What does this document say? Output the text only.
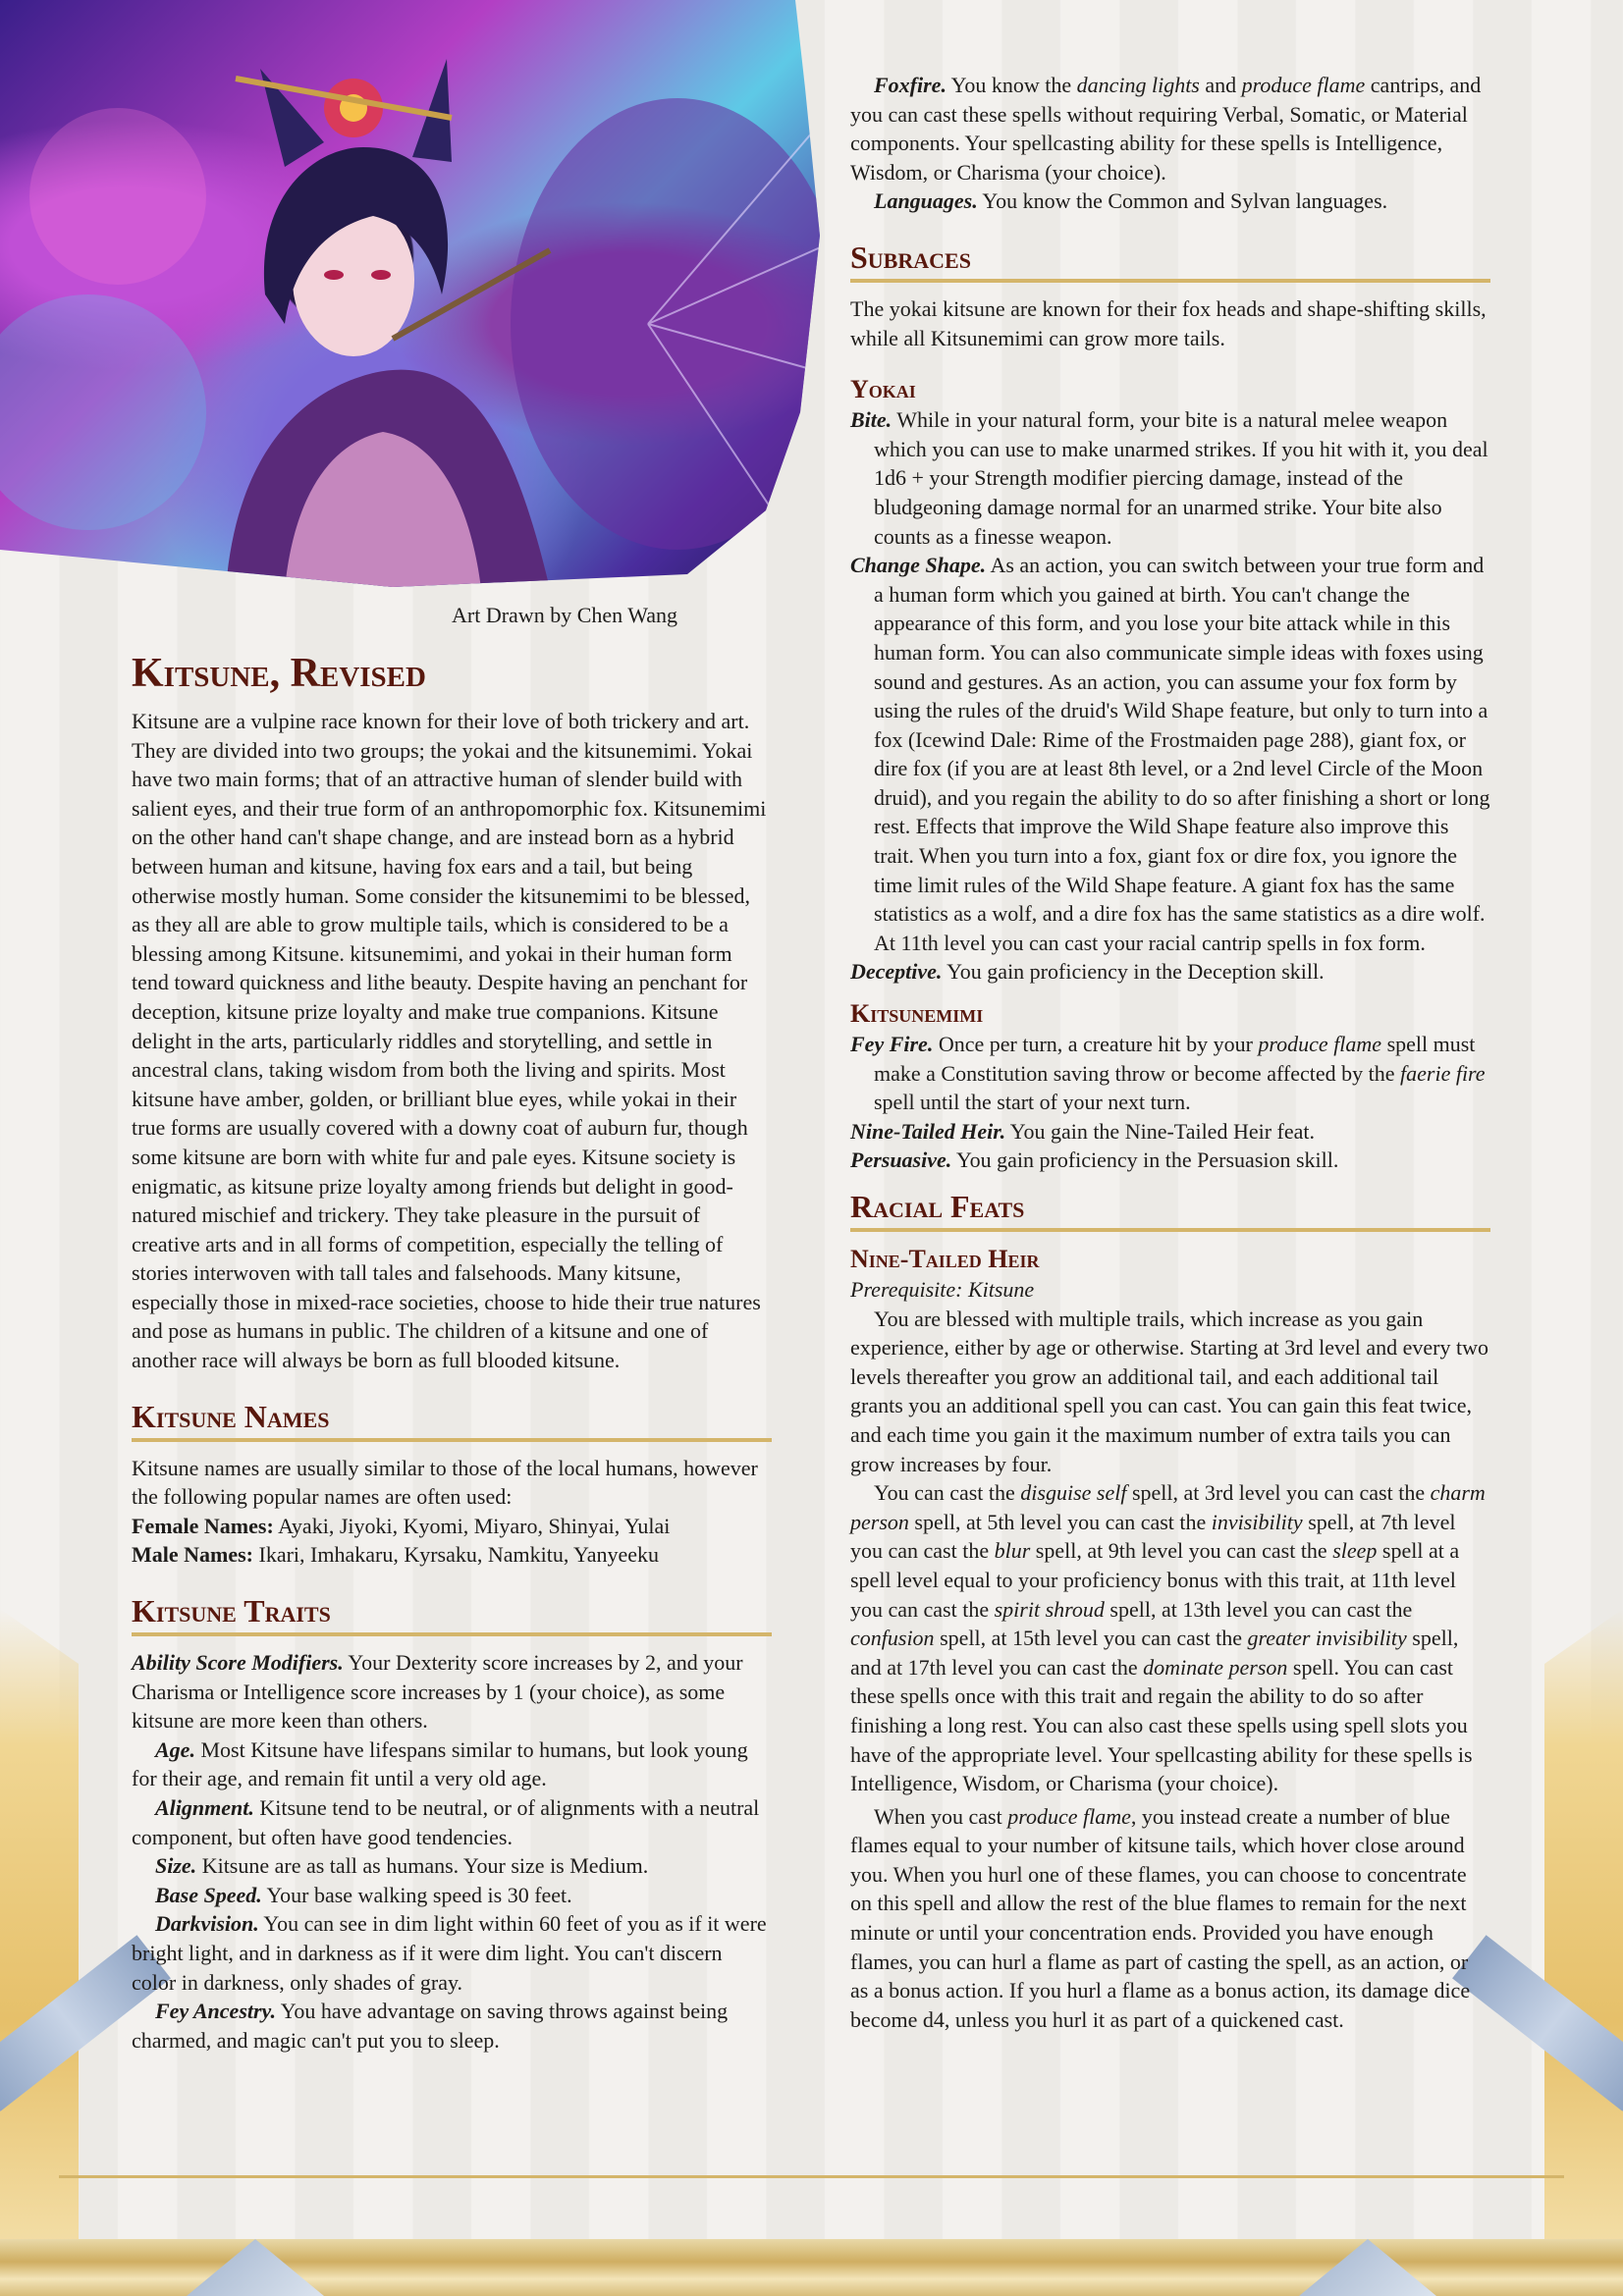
Art Drawn by Chen Wang
Kitsune, Revised

Kitsune are a vulpine race known for their love of both trickery and art. They are divided into two groups; the yokai and the kitsunemimi. Yokai have two main forms; that of an attractive human of slender build with salient eyes, and their true form of an anthropomorphic fox. Kitsunemimi on the other hand can't shape change, and are instead born as a hybrid between human and kitsune, having fox ears and a tail, but being otherwise mostly human. Some consider the kitsunemimi to be blessed, as they all are able to grow multiple tails, which is considered to be a blessing among Kitsune. kitsunemimi, and yokai in their human form tend toward quickness and lithe beauty. Despite having an penchant for deception, kitsune prize loyalty and make true companions. Kitsune delight in the arts, particularly riddles and storytelling, and settle in ancestral clans, taking wisdom from both the living and spirits. Most kitsune have amber, golden, or brilliant blue eyes, while yokai in their true forms are usually covered with a downy coat of auburn fur, though some kitsune are born with white fur and pale eyes. Kitsune society is enigmatic, as kitsune prize loyalty among friends but delight in good-natured mischief and trickery. They take pleasure in the pursuit of creative arts and in all forms of competition, especially the telling of stories interwoven with tall tales and falsehoods. Many kitsune, especially those in mixed-race societies, choose to hide their true natures and pose as humans in public. The children of a kitsune and one of another race will always be born as full blooded kitsune.

Kitsune Names

Kitsune names are usually similar to those of the local humans, however the following popular names are often used:

Female Names: Ayaki, Jiyoki, Kyomi, Miyaro, Shinyai, Yulai

Male Names: Ikari, Imhakaru, Kyrsaku, Namkitu, Yanyeeku

Kitsune Traits

Ability Score Modifiers. Your Dexterity score increases by 2, and your Charisma or Intelligence score increases by 1 (your choice), as some kitsune are more keen than others.

Age. Most Kitsune have lifespans similar to humans, but look young for their age, and remain fit until a very old age.

Alignment. Kitsune tend to be neutral, or of alignments with a neutral component, but often have good tendencies.

Size. Kitsune are as tall as humans. Your size is Medium.

Base Speed. Your base walking speed is 30 feet.

Darkvision. You can see in dim light within 60 feet of you as if it were bright light, and in darkness as if it were dim light. You can't discern color in darkness, only shades of gray.

Fey Ancestry. You have advantage on saving throws against being charmed, and magic can't put you to sleep.

Foxfire. You know the dancing lights and produce flame cantrips, and you can cast these spells without requiring Verbal, Somatic, or Material components. Your spellcasting ability for these spells is Intelligence, Wisdom, or Charisma (your choice).

Languages. You know the Common and Sylvan languages.

Subraces

The yokai kitsune are known for their fox heads and shape-shifting skills, while all Kitsunemimi can grow more tails.

Yokai

Bite. While in your natural form, your bite is a natural melee weapon which you can use to make unarmed strikes. If you hit with it, you deal 1d6 + your Strength modifier piercing damage, instead of the bludgeoning damage normal for an unarmed strike. Your bite also counts as a finesse weapon.

Change Shape. As an action, you can switch between your true form and a human form which you gained at birth. You can't change the appearance of this form, and you lose your bite attack while in this human form. You can also communicate simple ideas with foxes using sound and gestures. As an action, you can assume your fox form by using the rules of the druid's Wild Shape feature, but only to turn into a fox (Icewind Dale: Rime of the Frostmaiden page 288), giant fox, or dire fox (if you are at least 8th level, or a 2nd level Circle of the Moon druid), and you regain the ability to do so after finishing a short or long rest. Effects that improve the Wild Shape feature also improve this trait. When you turn into a fox, giant fox or dire fox, you ignore the time limit rules of the Wild Shape feature. A giant fox has the same statistics as a wolf, and a dire fox has the same statistics as a dire wolf. At 11th level you can cast your racial cantrip spells in fox form.

Deceptive. You gain proficiency in the Deception skill.

Kitsunemimi

Fey Fire. Once per turn, a creature hit by your produce flame spell must make a Constitution saving throw or become affected by the faerie fire spell until the start of your next turn.

Nine-Tailed Heir. You gain the Nine-Tailed Heir feat.

Persuasive. You gain proficiency in the Persuasion skill.

Racial Feats
Nine-Tailed Heir

Prerequisite: Kitsune

You are blessed with multiple trails, which increase as you gain experience, either by age or otherwise. Starting at 3rd level and every two levels thereafter you grow an additional tail, and each additional tail grants you an additional spell you can cast. You can gain this feat twice, and each time you gain it the maximum number of extra tails you can grow increases by four.

You can cast the disguise self spell, at 3rd level you can cast the charm person spell, at 5th level you can cast the invisibility spell, at 7th level you can cast the blur spell, at 9th level you can cast the sleep spell at a spell level equal to your proficiency bonus with this trait, at 11th level you can cast the spirit shroud spell, at 13th level you can cast the confusion spell, at 15th level you can cast the greater invisibility spell, and at 17th level you can cast the dominate person spell. You can cast these spells once with this trait and regain the ability to do so after finishing a long rest. You can also cast these spells using spell slots you have of the appropriate level. Your spellcasting ability for these spells is Intelligence, Wisdom, or Charisma (your choice).

When you cast produce flame, you instead create a number of blue flames equal to your number of kitsune tails, which hover close around you. When you hurl one of these flames, you can choose to concentrate on this spell and allow the rest of the blue flames to remain for the next minute or until your concentration ends. Provided you have enough flames, you can hurl a flame as part of casting the spell, as an action, or as a bonus action. If you hurl a flame as a bonus action, its damage dice become d4, unless you hurl it as part of a quickened cast.
